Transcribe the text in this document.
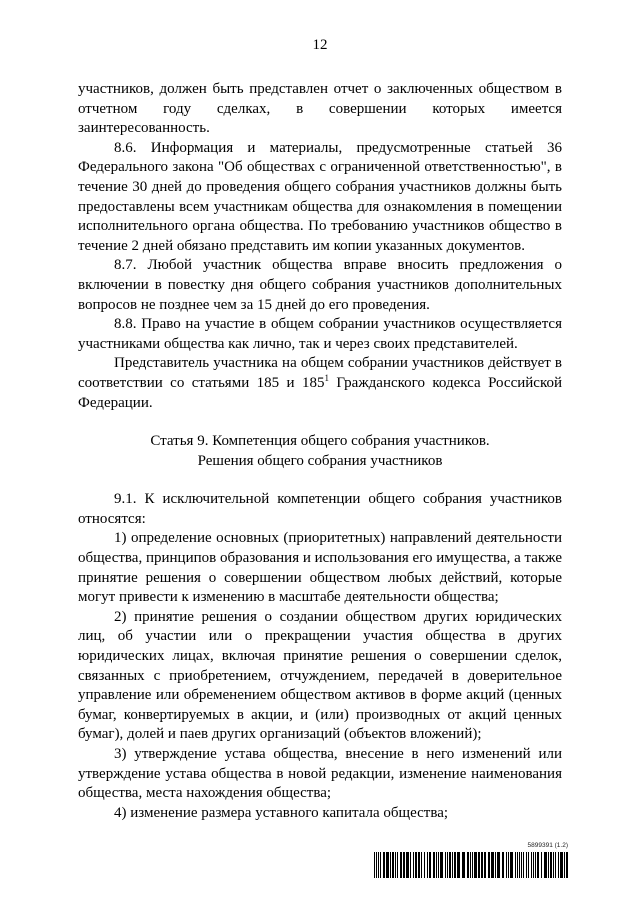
12

участников, должен быть представлен отчет о заключенных обществом в отчетном году сделках, в совершении которых имеется заинтересованность.

8.6. Информация и материалы, предусмотренные статьей 36 Федерального закона "Об обществах с ограниченной ответственностью", в течение 30 дней до проведения общего собрания участников должны быть предоставлены всем участникам общества для ознакомления в помещении исполнительного органа общества. По требованию участников общество в течение 2 дней обязано представить им копии указанных документов.

8.7. Любой участник общества вправе вносить предложения о включении в повестку дня общего собрания участников дополнительных вопросов не позднее чем за 15 дней до его проведения.

8.8. Право на участие в общем собрании участников осуществляется участниками общества как лично, так и через своих представителей.

Представитель участника на общем собрании участников действует в соответствии со статьями 185 и $185^1$ Гражданского кодекса Российской Федерации.

Статья 9. Компетенция общего собрания участников.
Решения общего собрания участников

9.1. К исключительной компетенции общего собрания участников относятся:

1) определение основных (приоритетных) направлений деятельности общества, принципов образования и использования его имущества, а также принятие решения о совершении обществом любых действий, которые могут привести к изменению в масштабе деятельности общества;

2) принятие решения о создании обществом других юридических лиц, об участии или о прекращении участия общества в других юридических лицах, включая принятие решения о совершении сделок, связанных с приобретением, отчуждением, передачей в доверительное управление или обременением обществом активов в форме акций (ценных бумаг, конвертируемых в акции, и (или) производных от акций ценных бумаг), долей и паев других организаций (объектов вложений);

3) утверждение устава общества, внесение в него изменений или утверждение устава общества в новой редакции, изменение наименования общества, места нахождения общества;

4) изменение размера уставного капитала общества;

5899391 (1.2)
